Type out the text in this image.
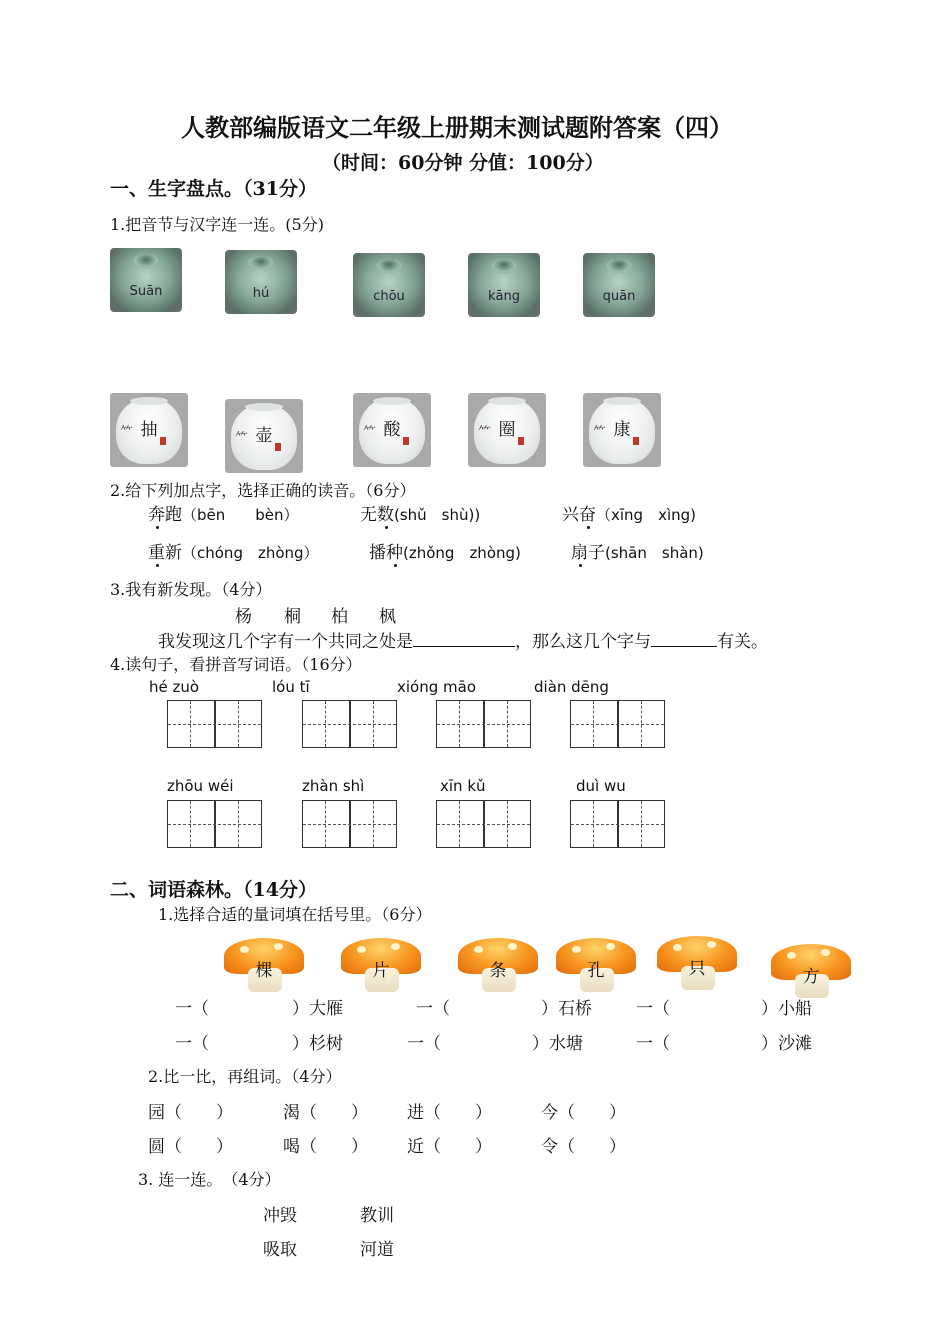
人教部编版语文二年级上册期末测试题附答案（四）
（时间：60分钟 分值：100分）
一、生字盘点。（31分）
1.把音节与汉字连一连。(5分)
Suān	hú	chōu	kāng	quān
⺮ 抽	⺮ 壶	⺮ 酸	⺮ 圈	⺮ 康
2.给下列加点字，选择正确的读音。（6分）
奔跑（bēn　　bèn）	无数(shǔ　shù))	兴奋（xīng　xìng)
重新（chóng　zhòng）	播种(zhǒng　zhòng)	扇子(shān　shàn)
3.我有新发现。（4分）
杨 桐 柏 枫
我发现这几个字有一个共同之处是	，那么这几个字与	有关。
4.读句子，看拼音写词语。（16分）
hé zuò	lóu tī	xióng māo	diàn dēng
zhōu wéi	zhàn shì	xīn kǔ	duì wu
二、词语森林。（14分）
1.选择合适的量词填在括号里。（6分）
棵	片	条	孔	只	方
一（	）大雁	一（	）石桥	一（	）小船
一（	）杉树	一（	）水塘	一（	）沙滩
2.比一比，再组词。（4分）
园（　　）	渴（　　） 进（　　）	今（　　）
圆（　　）	喝（　　） 近（　　）	令（　　）
3. 连一连。　（4分）
冲毁	教训
吸取	河道
